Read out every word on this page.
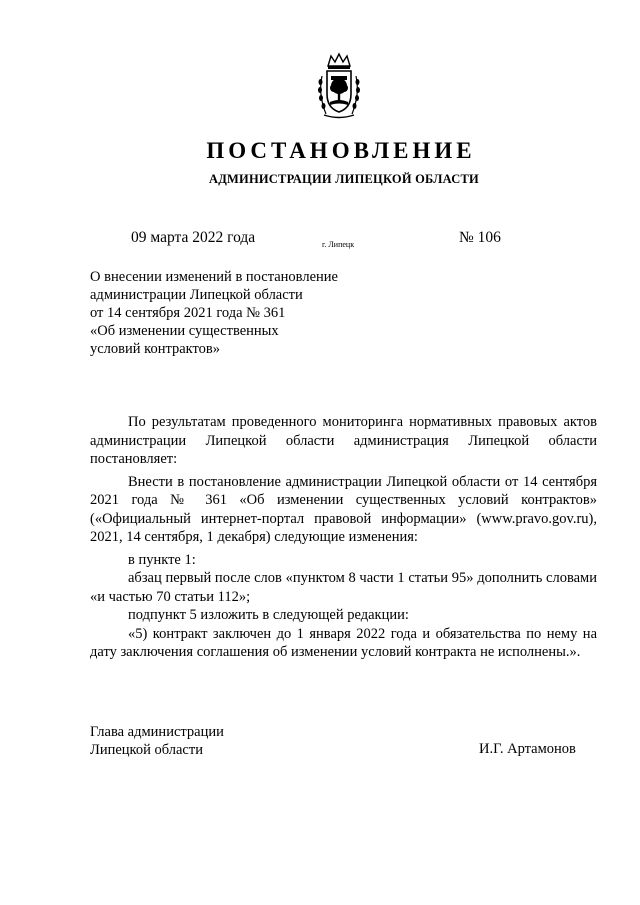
ПОСТАНОВЛЕНИЕ
АДМИНИСТРАЦИИ ЛИПЕЦКОЙ ОБЛАСТИ
09 марта 2022 года	г. Липецк	№ 106
О внесении изменений в постановление
администрации Липецкой области
от 14 сентября 2021 года № 361
«Об изменении существенных
условий контрактов»

По результатам проведенного мониторинга нормативных правовых актов администрации Липецкой области администрация Липецкой области постановляет:

Внести в постановление администрации Липецкой области от 14 сентября 2021 года № 361 «Об изменении существенных условий контрактов» («Официальный интернет-портал правовой информации» (www.pravo.gov.ru), 2021, 14 сентября, 1 декабря) следующие изменения:

в пункте 1:

абзац первый после слов «пунктом 8 части 1 статьи 95» дополнить словами «и частью 70 статьи 112»;

подпункт 5 изложить в следующей редакции:

«5) контракт заключен до 1 января 2022 года и обязательства по нему на дату заключения соглашения об изменении условий контракта не исполнены.».

Глава администрации
Липецкой области	И.Г. Артамонов
